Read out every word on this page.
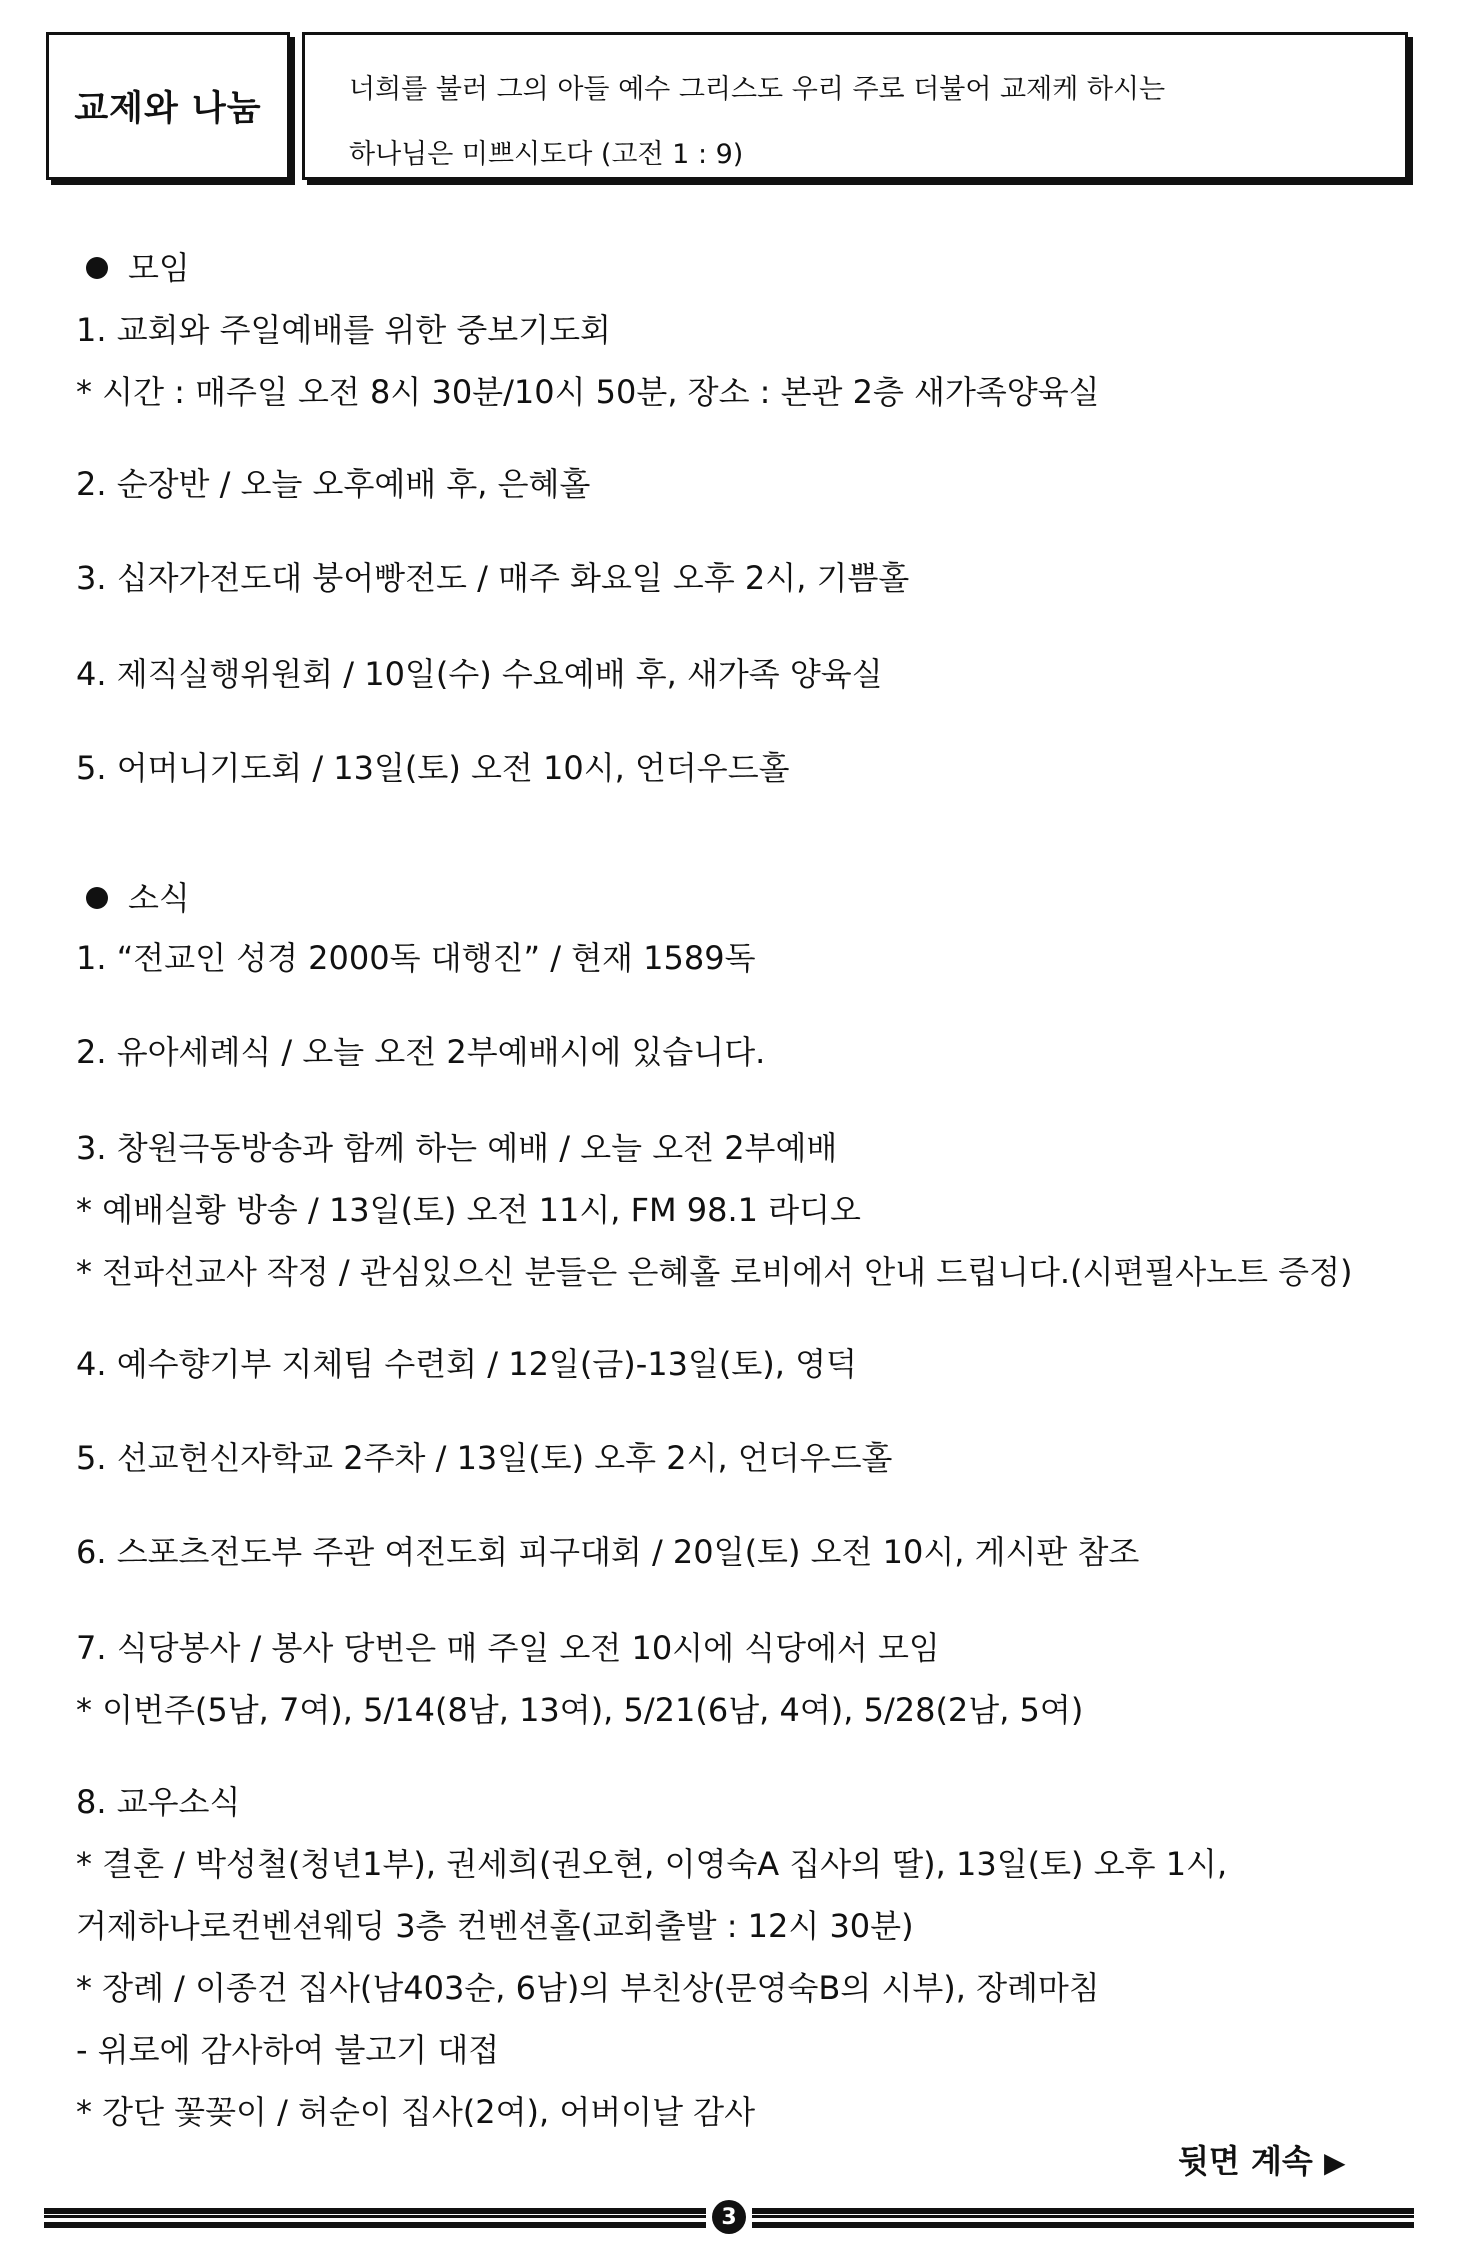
교제와 나눔	너희를 불러 그의 아들 예수 그리스도 우리 주로 더불어 교제케 하시는

하나님은 미쁘시도다 (고전 1 : 9)

모임
1. 교회와 주일예배를 위한 중보기도회
* 시간 : 매주일 오전 8시 30분/10시 50분, 장소 : 본관 2층 새가족양육실
2. 순장반 / 오늘 오후예배 후, 은혜홀
3. 십자가전도대 붕어빵전도 / 매주 화요일 오후 2시, 기쁨홀
4. 제직실행위원회 / 10일(수) 수요예배 후, 새가족 양육실
5. 어머니기도회 / 13일(토) 오전 10시, 언더우드홀
소식
1. “전교인 성경 2000독 대행진” / 현재 1589독
2. 유아세례식 / 오늘 오전 2부예배시에 있습니다.
3. 창원극동방송과 함께 하는 예배 / 오늘 오전 2부예배
* 예배실황 방송 / 13일(토) 오전 11시, FM 98.1 라디오
* 전파선교사 작정 / 관심있으신 분들은 은혜홀 로비에서 안내 드립니다.(시편필사노트 증정)
4. 예수향기부 지체팀 수련회 / 12일(금)-13일(토), 영덕
5. 선교헌신자학교 2주차 / 13일(토) 오후 2시, 언더우드홀
6. 스포츠전도부 주관 여전도회 피구대회 / 20일(토) 오전 10시, 게시판 참조
7. 식당봉사 / 봉사 당번은 매 주일 오전 10시에 식당에서 모임
* 이번주(5남, 7여), 5/14(8남, 13여), 5/21(6남, 4여), 5/28(2남, 5여)
8. 교우소식
* 결혼 / 박성철(청년1부), 권세희(권오현, 이영숙A 집사의 딸), 13일(토) 오후 1시,
거제하나로컨벤션웨딩 3층 컨벤션홀(교회출발 : 12시 30분)
* 장례 / 이종건 집사(남403순, 6남)의 부친상(문영숙B의 시부), 장례마침
- 위로에 감사하여 불고기 대접
* 강단 꽃꽂이 / 허순이 집사(2여), 어버이날 감사
뒷면 계속 ▶
3
